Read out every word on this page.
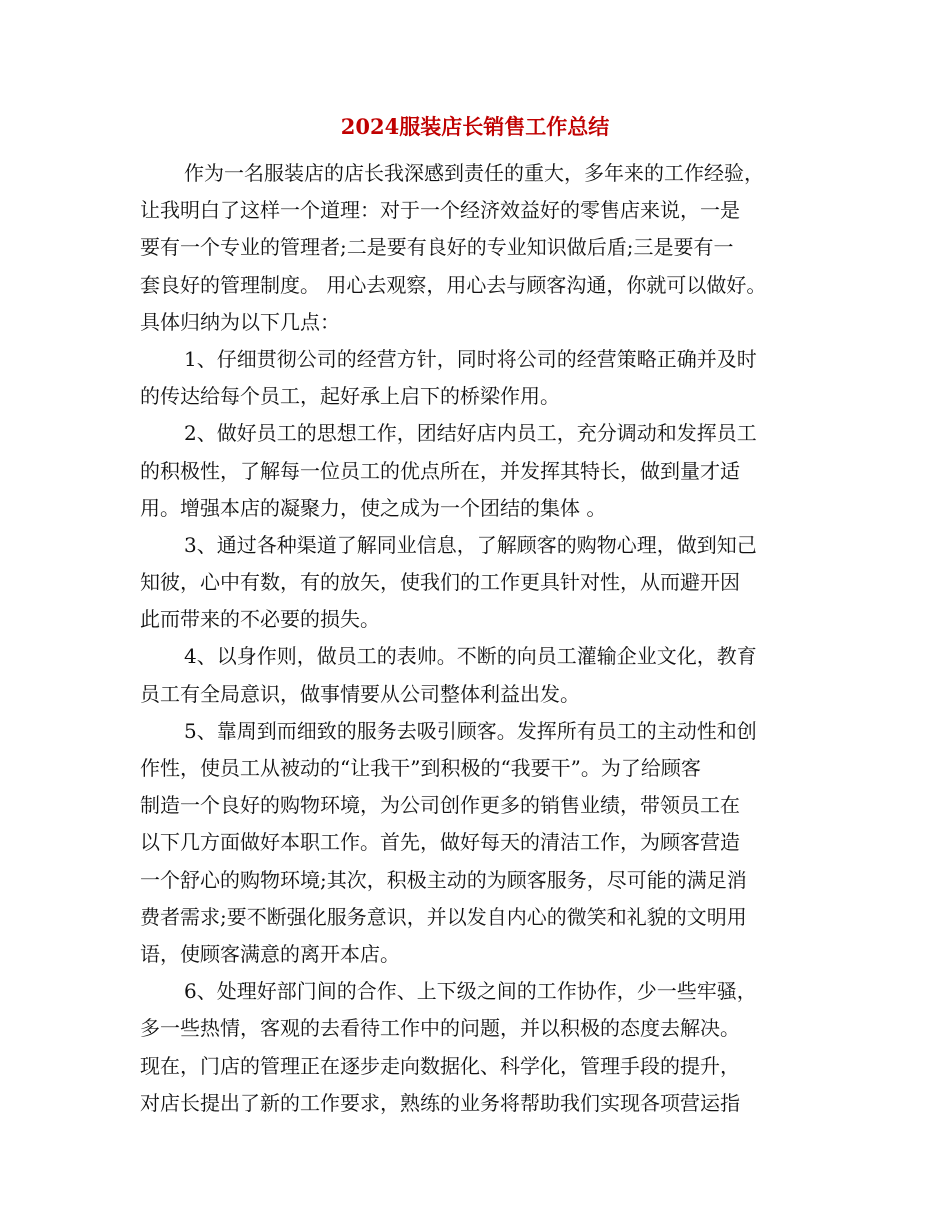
2024服装店长销售工作总结
作为一名服装店的店长我深感到责任的重大，多年来的工作经验，
让我明白了这样一个道理：对于一个经济效益好的零售店来说，一是
要有一个专业的管理者;二是要有良好的专业知识做后盾;三是要有一
套良好的管理制度。 用心去观察，用心去与顾客沟通，你就可以做好。
具体归纳为以下几点：
1、仔细贯彻公司的经营方针，同时将公司的经营策略正确并及时
的传达给每个员工，起好承上启下的桥梁作用。
2、做好员工的思想工作，团结好店内员工，充分调动和发挥员工
的积极性，了解每一位员工的优点所在，并发挥其特长，做到量才适
用。增强本店的凝聚力，使之成为一个团结的集体 。
3、通过各种渠道了解同业信息，了解顾客的购物心理，做到知己
知彼，心中有数，有的放矢，使我们的工作更具针对性，从而避开因
此而带来的不必要的损失。
4、以身作则，做员工的表帅。不断的向员工灌输企业文化，教育
员工有全局意识，做事情要从公司整体利益出发。
5、靠周到而细致的服务去吸引顾客。发挥所有员工的主动性和创
作性，使员工从被动的“让我干”到积极的“我要干”。为了给顾客
制造一个良好的购物环境，为公司创作更多的销售业绩，带领员工在
以下几方面做好本职工作。首先，做好每天的清洁工作，为顾客营造
一个舒心的购物环境;其次，积极主动的为顾客服务，尽可能的满足消
费者需求;要不断强化服务意识，并以发自内心的微笑和礼貌的文明用
语，使顾客满意的离开本店。
6、处理好部门间的合作、上下级之间的工作协作，少一些牢骚，
多一些热情，客观的去看待工作中的问题，并以积极的态度去解决。
现在，门店的管理正在逐步走向数据化、科学化，管理手段的提升，
对店长提出了新的工作要求，熟练的业务将帮助我们实现各项营运指
